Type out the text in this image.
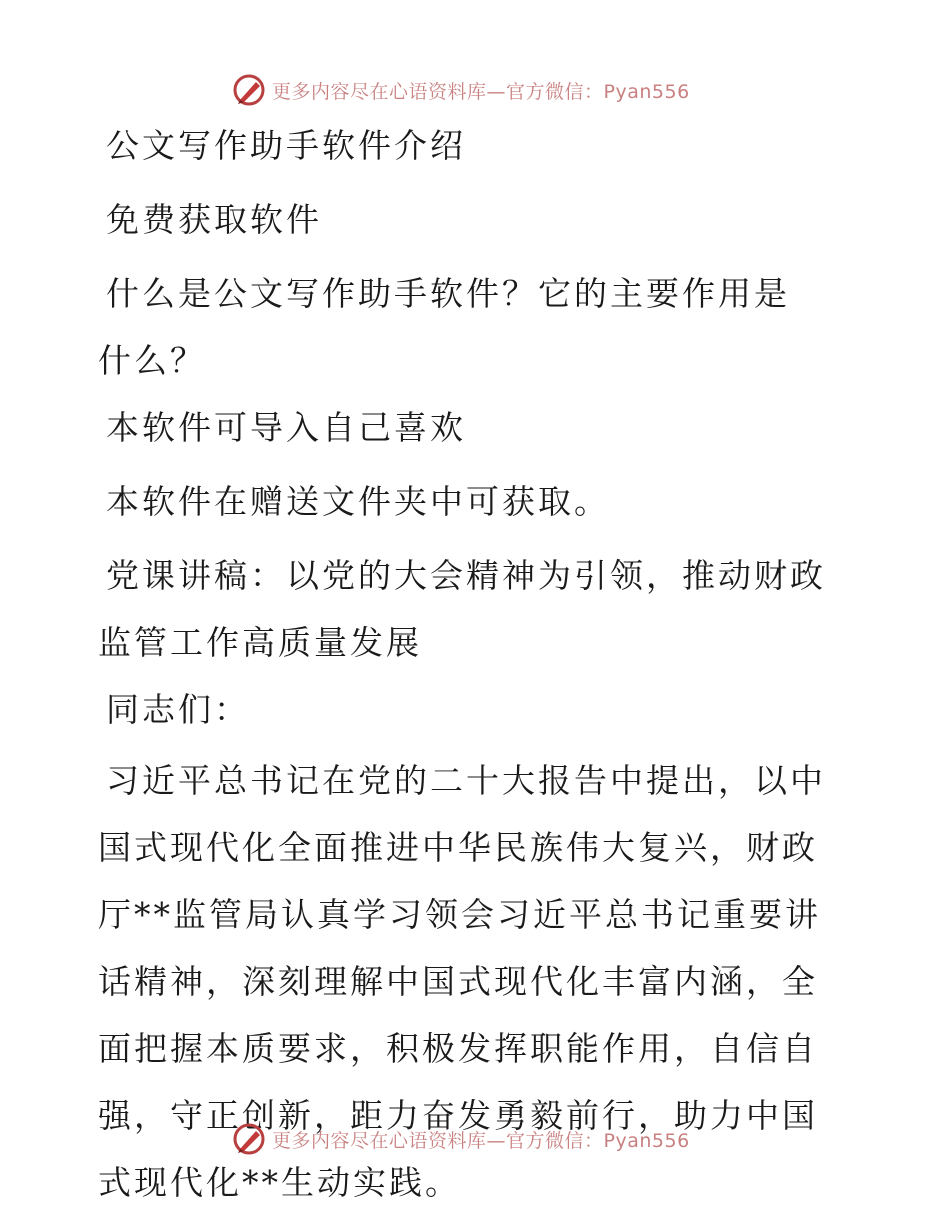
更多内容尽在心语资料库—官方微信：Pyan556

公文写作助手软件介绍

免费获取软件

什么是公文写作助手软件？它的主要作用是什么？

本软件可导入自己喜欢

本软件在赠送文件夹中可获取。

党课讲稿：以党的大会精神为引领，推动财政监管工作高质量发展

同志们：

习近平总书记在党的二十大报告中提出，以中国式现代化全面推进中华民族伟大复兴，财政厅**监管局认真学习领会习近平总书记重要讲话精神，深刻理解中国式现代化丰富内涵，全面把握本质要求，积极发挥职能作用，自信自强，守正创新，距力奋发勇毅前行，助力中国式现代化**生动实践。

更多内容尽在心语资料库—官方微信：Pyan556
